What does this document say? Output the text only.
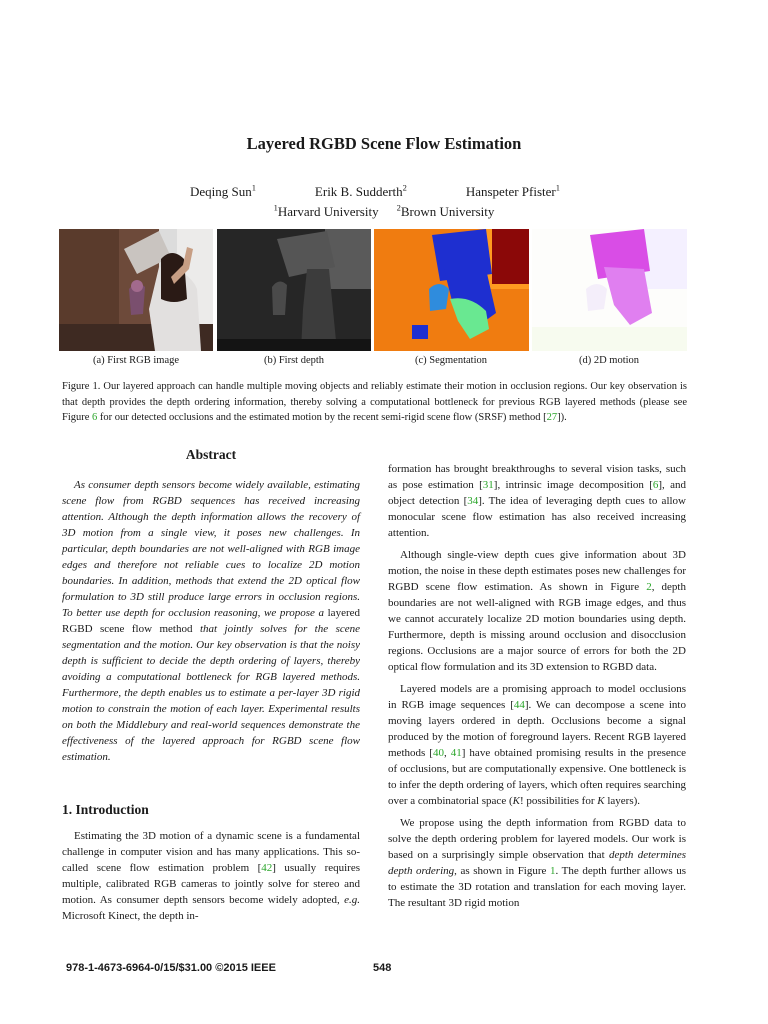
Layered RGBD Scene Flow Estimation
Deqing Sun$^1$	Erik B. Sudderth$^2$	Hanspeter Pfister$^1$
$^1$Harvard University $^2$Brown University
(a) First RGB image	(b) First depth	(c) Segmentation	(d) 2D motion
Figure 1. Our layered approach can handle multiple moving objects and reliably estimate their motion in occlusion regions. Our key observation is that depth provides the depth ordering information, thereby solving a computational bottleneck for previous RGB layered methods (please see Figure 6 for our detected occlusions and the estimated motion by the recent semi-rigid scene flow (SRSF) method [27]).
Abstract
As consumer depth sensors become widely available, estimating scene flow from RGBD sequences has received increasing attention. Although the depth information allows the recovery of 3D motion from a single view, it poses new challenges. In particular, depth boundaries are not well-aligned with RGB image edges and therefore not reliable cues to localize 2D motion boundaries. In addition, methods that extend the 2D optical flow formulation to 3D still produce large errors in occlusion regions. To better use depth for occlusion reasoning, we propose a layered RGBD scene flow method that jointly solves for the scene segmentation and the motion. Our key observation is that the noisy depth is sufficient to decide the depth ordering of layers, thereby avoiding a computational bottleneck for RGB layered methods. Furthermore, the depth enables us to estimate a per-layer 3D rigid motion to constrain the motion of each layer. Experimental results on both the Middlebury and real-world sequences demonstrate the effectiveness of the layered approach for RGBD scene flow estimation.
1. Introduction
Estimating the 3D motion of a dynamic scene is a fundamental challenge in computer vision and has many applications. This so-called scene flow estimation problem [42] usually requires multiple, calibrated RGB cameras to jointly solve for stereo and motion. As consumer depth sensors become widely adopted, e.g. Microsoft Kinect, the depth in-

formation has brought breakthroughs to several vision tasks, such as pose estimation [31], intrinsic image decomposition [6], and object detection [34]. The idea of leveraging depth cues to allow monocular scene flow estimation has also received increasing attention.

Although single-view depth cues give information about 3D motion, the noise in these depth estimates poses new challenges for RGBD scene flow estimation. As shown in Figure 2, depth boundaries are not well-aligned with RGB image edges, and thus we cannot accurately localize 2D motion boundaries using depth. Furthermore, depth is missing around occlusion and disocclusion regions. Occlusions are a major source of errors for both the 2D optical flow formulation and its 3D extension to RGBD data.

Layered models are a promising approach to model occlusions in RGB image sequences [44]. We can decompose a scene into moving layers ordered in depth. Occlusions become a signal produced by the motion of foreground layers. Recent RGB layered methods [40, 41] have obtained promising results in the presence of occlusions, but are computationally expensive. One bottleneck is to infer the depth ordering of layers, which often requires searching over a combinatorial space (K! possibilities for K layers).

We propose using the depth information from RGBD data to solve the depth ordering problem for layered models. Our work is based on a surprisingly simple observation that depth determines depth ordering, as shown in Figure 1. The depth further allows us to estimate the 3D rotation and translation for each moving layer. The resultant 3D rigid motion

978-1-4673-6964-0/15/$31.00 ©2015 IEEE	548
